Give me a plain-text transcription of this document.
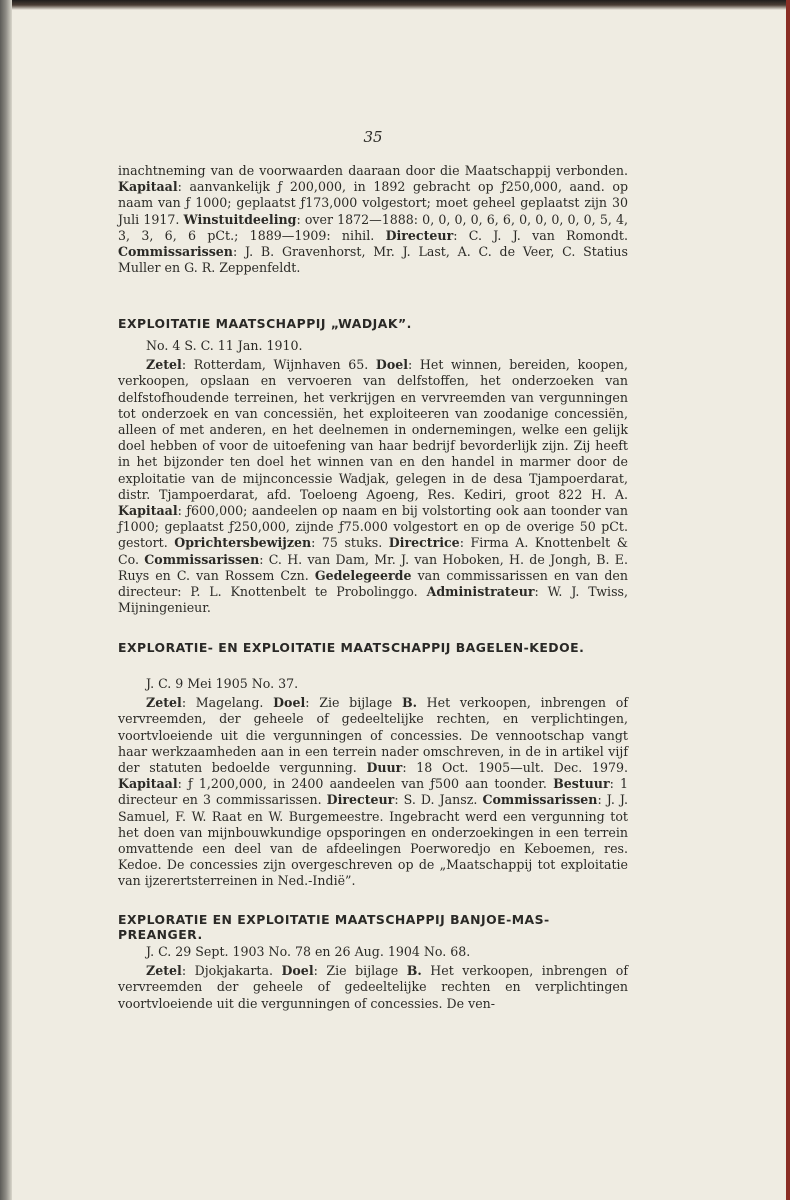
35

inachtneming van de voorwaarden daaraan door die Maatschappij verbonden. Kapitaal: aanvankelijk ƒ 200,000, in 1892 gebracht op ƒ250,000, aand. op naam van ƒ 1000; geplaatst ƒ173,000 volgestort; moet geheel geplaatst zijn 30 Juli 1917. Winstuitdeeling: over 1872—1888: 0, 0, 0, 0, 6, 6, 0, 0, 0, 0, 0, 5, 4, 3, 3, 6, 6 pCt.; 1889—1909: nihil. Directeur: C. J. J. van Romondt. Commissarissen: J. B. Gravenhorst, Mr. J. Last, A. C. de Veer, C. Statius Muller en G. R. Zeppenfeldt.

EXPLOITATIE MAATSCHAPPIJ „WADJAK”.

No. 4 S. C. 11 Jan. 1910.

Zetel: Rotterdam, Wijnhaven 65. Doel: Het winnen, bereiden, koopen, verkoopen, opslaan en vervoeren van delfstoffen, het onderzoeken van delfstofhoudende terreinen, het verkrijgen en vervreemden van vergunningen tot onderzoek en van concessiën, het exploiteeren van zoodanige concessiën, alleen of met anderen, en het deelnemen in ondernemingen, welke een gelijk doel hebben of voor de uitoefening van haar bedrijf bevorderlijk zijn. Zij heeft in het bijzonder ten doel het winnen van en den handel in marmer door de exploitatie van de mijnconcessie Wadjak, gelegen in de desa Tjampoerdarat, distr. Tjampoerdarat, afd. Toeloeng Agoeng, Res. Kediri, groot 822 H. A. Kapitaal: ƒ600,000; aandeelen op naam en bij volstorting ook aan toonder van ƒ1000; geplaatst ƒ250,000, zijnde ƒ75.000 volgestort en op de overige 50 pCt. gestort. Oprichtersbewijzen: 75 stuks. Directrice: Firma A. Knottenbelt & Co. Commissarissen: C. H. van Dam, Mr. J. van Hoboken, H. de Jongh, B. E. Ruys en C. van Rossem Czn. Gedelegeerde van commissarissen en van den directeur: P. L. Knottenbelt te Probolinggo. Administrateur: W. J. Twiss, Mijningenieur.

EXPLORATIE- EN EXPLOITATIE MAATSCHAPPIJ BAGELEN-KEDOE.

J. C. 9 Mei 1905 No. 37.

Zetel: Magelang. Doel: Zie bijlage B. Het verkoopen, inbrengen of vervreemden, der geheele of gedeeltelijke rechten, en verplichtingen, voortvloeiende uit die vergunningen of concessies. De vennootschap vangt haar werkzaamheden aan in een terrein nader omschreven, in de in artikel vijf der statuten bedoelde vergunning. Duur: 18 Oct. 1905—ult. Dec. 1979. Kapitaal: ƒ 1,200,000, in 2400 aandeelen van ƒ500 aan toonder. Bestuur: 1 directeur en 3 commissarissen. Directeur: S. D. Jansz. Commissarissen: J. J. Samuel, F. W. Raat en W. Burgemeestre. Ingebracht werd een vergunning tot het doen van mijnbouwkundige opsporingen en onderzoekingen in een terrein omvattende een deel van de afdeelingen Poerworedjo en Keboemen, res. Kedoe. De concessies zijn overgeschreven op de „Maatschappij tot exploitatie van ijzerertsterreinen in Ned.-Indië”.

EXPLORATIE EN EXPLOITATIE MAATSCHAPPIJ BANJOE-MAS-PREANGER.

J. C. 29 Sept. 1903 No. 78 en 26 Aug. 1904 No. 68.

Zetel: Djokjakarta. Doel: Zie bijlage B. Het verkoopen, inbrengen of vervreemden der geheele of gedeeltelijke rechten en verplichtingen voortvloeiende uit die vergunningen of concessies. De ven-
